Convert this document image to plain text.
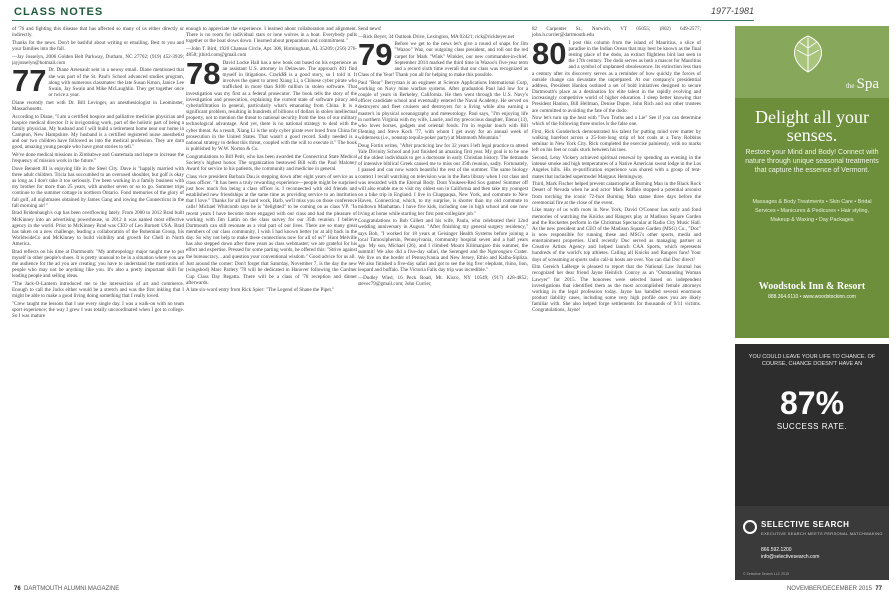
CLASS NOTES	1977-1981

of '76 and fighting this disease that has affected so many of us either directly or indirectly.

Thanks for the news. Don't be bashful about writing or emailing. Best to you and your families into the fall.

—Jay Josselyn, 2006 Golden Belt Parkway, Durham, NC 27702; (919) 452-3939; jayjosselyn@hotmail.com

77 Dr. Diane Arsenault sent in a newsy email. Diane mentioned that she was part of the St. Paul's School advanced studies program, along with numerous classmates: the late Susan Kmon, Janice Lee Swain, Jay Swain and Mike McLaughlin. They get together once or twice a year.

Diane recently met with Dr. Bill Levinger, an anesthesiologist in Leominster, Massachusetts.

According to Diane, "I am a certified hospice and palliative medicine physician and hospice medical director. It is invigorating work, part of the holistic part of being a family physician. My husband and I will build a retirement home near our home in Campton, New Hampshire. My husband is a certified registered nurse anesthetist and our two children have followed us into the medical profession. They are darn good, amazing young people who have great stories to tell."

We've done medical missions in Zimbabwe and Guatemala and hope to increase the frequency of mission work in the future."

Dave Bennett III is enjoying life in the Steel City. Dave is "happily married with three adult children. Tricia has succumbed to an overused shoulder, but golf is okay as long as I don't take it too seriously. I've been working in a family business with my brother for more than 25 years, with another seven or so to go. Summer trips continue to the summer cottage in northern Ontario. Fond memories of the glory of fall golf, all nightmares obtained by James Gang and rowing the Connecticut in the fall morning air!"

Brad Bridenbaugh's cup has been overflowing lately. From 2000 to 2012 Brad built McKinney into an advertising powerhouse, in 2012 it was named most effective agency in the world. Prior to McKinney Brad was CEO of Leo Burnett USA. Brad has taken on a new challenge, leading a collaboration of the Bohemian Group, his WorldwideCo and McKinney to build visibility and growth for Chell in North America.

Brad reflects on his time at Dartmouth: "My anthropology major taught me to put myself in other people's shoes. It is pretty unusual to be in a situation where you are the audience for the ad you are creating; you have to understand the motivation of people who may not be anything like you. It's also a pretty important skill for leading people and selling ideas.

"The Jack-O-Lantern introduced me to the intersection of art and commerce. Enough to call the Jacks either would be a stretch and was the first inkling that I might be able to make a good living doing something that I really loved.

"Crew taught me lessons that I use every single day. I was a walk-on with no team sport experience; the way I grew I was totally uncoordinated when I got to college. So I was mature

enough to appreciate the experience. I learned about collaboration and alignment. There is no room for individual stars or lone wolves in a boat. Everybody pulls together or the boat slows down. I learned about preparation and commitment."

—John T. Bird, 1920 Chateau Circle, Apt. 306, Birmingham, AL 35209; (256) 276-4858; jtbird.com@gmail.com

78 David Locke Hall has a new book out based on his experience as an assistant U.S. attorney in Delaware. The approach 401 find myself in litigations. Crack$$ is a good story, so I told it. It involves the quest to arrest Xiang Li, a Chinese cyber pirate who trafficked in more than $100 million in stolen software. That investigation was my first as a federal prosecutor. The book tells the story of the investigation and prosecution, explaining the current state of software piracy and cyberinfiltration in general, particularly what's emanating from China. It is a significant problem, resulting in hundreds of billions of dollars in stolen intellectual property, not to mention the threat to national security from the loss of our military technological advantage. And yet, there is no national strategy to deal with the cyber threat. As a result, Xiang Li is the only cyber pirate ever lured from China for prosecution in the United States. That wasn't a good record. Sadly needed is a national strategy to defeat this threat, coupled with the will to execute it." The book is published by W.W. Norton & Co.

Congratulations to Bill Petit, who has been awarded the Connecticut State Medical Society's highest honor. The organization bestowed Bill with the Paul Maloney Award for service to his patients, the community and medicine in general.

Class vice president Barbara Dau is stepping down after eight years of service as a class officer. "It has been a truly rewarding experience—people might be surprised just how much fun being a class officer is. I reconnected with old friends and established new friendships at the same time as providing service to an institution that I love." Thanks for all the hard work, Barb, we'll miss you on those conference calls! Michael Whitcomb says he is "delighted" to be coming on as class VP. "In recent years I have become more engaged with our class and had the pleasure of working with Jim Lattin on the class survey for our 35th reunion. I believe Dartmouth can still resonate as a vital part of our lives. There are so many great members of our class community. I wish I had known better (or at all) back in the day. So why not help to make these connections now for all of us?" Hunt Melville has also stepped down after three years as class webmaster; we are grateful for his effort and expertise. Pressed for some parting words, he offered this: "Strive against the bureaucracy... and question your conventional wisdom." Good advice for us all.

Just around the corner: Don't forget that Saturday, November 7, is the day the new (wingshod) Marc Parlery '78 will be dedicated in Hanover following the Gardner Cup Class Day Regatta. There will be a class of '78 reception and dinner afterwards.

A late six-word entry from Rick Spier: "The Legend of Shane the Piper."

Send news!

—Rick Beyer, 34 Outlook Drive, Lexington, MA 02421; rick@rickbeyer.net

79 Before we get to the news let's give a round of snaps for Jim "Wazoo" Waz, our outgoing class president, and roll out the red carpet for Mark "Wink" Winkler, our new commander-in-chief. September 2014 marked the third time in Wazoo's five-year term and a record sixth time overall that our class was recognized as Class of the Year! Thank you all for helping to make this possible.

Paul "Bear" Berryman is an engineer at Science Applications International Corp, working on Navy mine warfare systems. After graduation Paul laid low for a couple of years in Berkeley, California. He then went through the U.S. Navy's officer candidate school and eventually entered the Naval Academy. He served on destroyers and fleet cruisers and destroyers for a living while also earning a master's in physical oceanography and meteorology. Paul says, "I'm enjoying life in northern Virginia with my wife, Laurie, and my precocious daughter, Elena (13), who loves horses, gadgets and oriental foods. I'm in regular touch with Bill Fleming and Steve Koch '77, with whom I get away for an annual week of wilderness (i.e., nonstop tequila-poker party) at Mammoth Mountain."

Doug Fortin writes, "After practicing law for 32 years I left legal practice to attend Yale Divinity School and just finished an amazing first year. My goal is to be one of the oldest individuals to get a doctorate in early Christian history. The demands of intensive biblical Greek caused me to miss our 35th reunion, sadly. Fortunately, I passed and can now watch beautiful the rest of the summer. The same biology context I recall watching on television was in the Beta library when I cut class and was rewarded with the Eternal Body. Dont Youkees-Red Sox games! Summer off will also enable me to visit my oldest son in California and then take my youngest on a bike trip in England. I live in Chappaqua, New York, and commute to New Haven, Connecticut, which, to my surprise, is shorter than my old commute to midtown Manhattan. I have five kids, including one in high school and one now living at home while starting her first post-collegiate job."

Congratulations to Bob Gillett and his wife, Paula, who celebrated their 32nd wedding anniversary in August. "After finishing my general surgery residency," says Bob, "I worked for 18 years at Geisinger Health Systems before joining a local Tamoxiphersin, Pennsylvania, community hospital seven and a half years ago. My son, Michael (26), and I climbed Mount Kilimanjaro this summer, the summit! We also did a five-day safari, the Serengeti and the Ngorongoro Crater. We live on the border of Pennsylvania and New Jersey, Ethio and Kalba-Sipliza. We also finished a five-day safari and got to see the big five: elephant, rhino, lion, leopard and buffalo. The Victoria Falls day trip was incredible."

—Dudley Wied, 16 Peck Road, Mt. Kisco, NY 10549; (917) 428-4852; stevec79@gmail.com; John Currier,

82 Carpenter St., Norwich, VT 05055; (802) 649-2577; john.h.currier@dartmouth.edu

80 I post this column from the island of Mauritius, a slice of paradise in the Indian Ocean that may best be known as the final resting place of the dodo, an extinct flightless bird last seen in the 17th century. The dodo serves as both a mascot for Mauritius and a symbol of unplanned obsolescence. Its extinction less than a century after its discovery serves as a reminder of how quickly the forces of outside change can devastate the unprepared. At our company's presidential address, President Hanlon outlined a set of bold initiatives designed to secure Dartmouth's place as a destination for elite talent in the rapidly evolving and increasingly competitive world of higher education. I sleep better knowing that President Hanlon, Bill Hellman, Denise Dupre, John Rich and our other trustees are committed to avoiding the fate of the dodo.

Now let's turn up the heat with "Two Truths and a Lie" See if you can determine which of the following three stories is the false one.

First, Rick Gunderlock demonstrated his talent for putting mind over matter by walking barefoot across a 25-foot-long strip of hot coals at a Tony Robbins seminar in New York City. Rick completed the exercise painlessly, with no marks left on his feet or coals stuck between his toes.

Second, Leny Vickery achieved spiritual renewal by spending an evening in the intense smoke and high temperatures of a Native American sweat lodge in the Los Angeles hills. His re-purification experience was shared with a group of tent-mates that included supermodel Margaux Hemingway.

Third, Mark Fischer helped prevent catastrophe at Burning Man in the Black Rock Desert of Nevada when he and actor Mark Ruffalo stopped a potential arsonist from torching the iconic 72-foot Burning Man statue three days before the ceremonial fire at the close of the event.

Like many of us with roots in New York, David O'Connor has early and fond memories of watching the Knicks and Rangers play at Madison Square Garden and the Rockettes perform in the Christmas Spectacular at Radio City Music Hall. As the new president and CEO of the Madison Square Garden (MSG) Co., "Doc" is now responsible for running these and MSG's other sports, media and entertainment properties. Until recently Doc served as managing partner at Creative Artists Agency and helped launch CAA Sports, which represents hundreds of the world's top athletes. Calling all Knicks and Rangers fans! Your days of screaming at sports radio call-in hosts are over. You can dial Doc direct!

Elm Gereich LaBerge is pleased to report that the National Law Journal has recognized her dear friend Jayne Heinlich Conroy as an "Outstanding Woman Lawyer" for 2015. The honorees were selected based on independent investigations that identified them as the most accomplished female attorneys working in the legal profession today. Jayne has handled several enormous product liability cases, including some very high profile ones you are likely familiar with. She also helped forge settlements for thousands of 9/11 victims. Congratulations, Jayne!

the Spa
Delight all your senses.
Restore your Mind and Body! Connect with nature through unique seasonal treatments that capture the essence of Vermont.
Massages & Body Treatments • Skin Care • Bridal Services • Manicures & Pedicures • Hair styling, Makeup & Waxing • Day Packages
Woodstock Inn & Resort
888.364.6110 • www.woodstockinn.com
YOU COULD LEAVE YOUR LIFE TO CHANCE. OF COURSE, CHANCE DOESN'T HAVE AN
87%
SUCCESS RATE.
SELECTIVE SEARCH
EXECUTIVE SEARCH MEETS PERSONAL MATCHMAKING
866.592.1200
info@selectivesearch.com
© Selective Search LLC 2015
76 DARTMOUTH ALUMNI MAGAZINE	NOVEMBER/DECEMBER 2015 77
